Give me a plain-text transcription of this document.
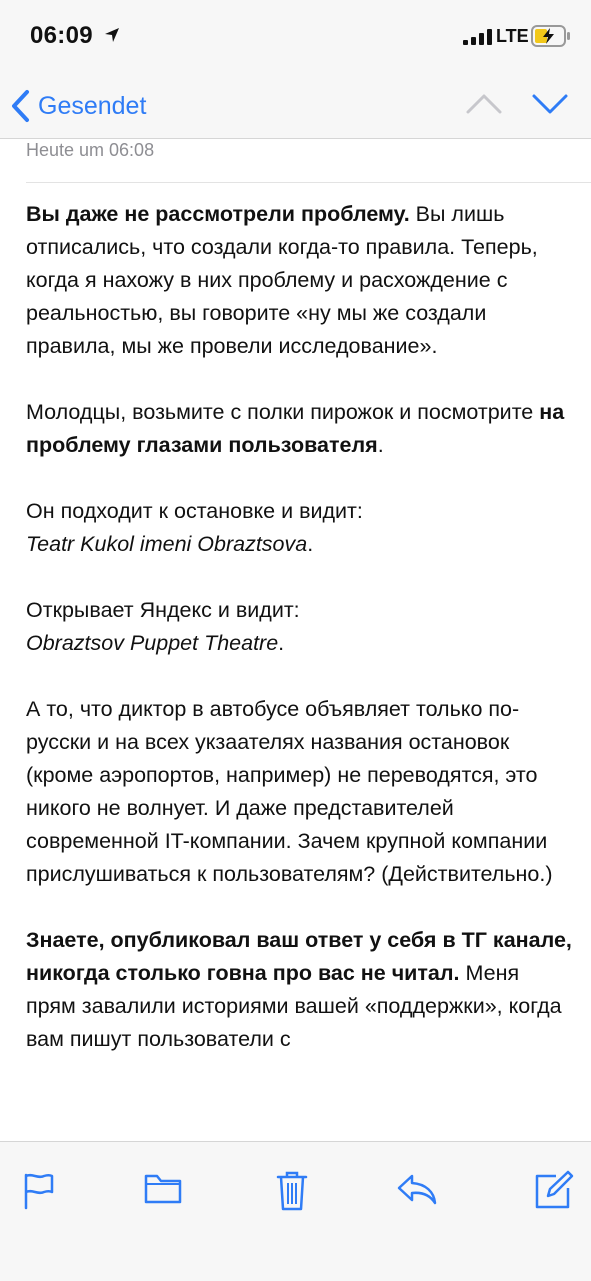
06:09	LTE
Gesendet
Heute um 06:08

Вы даже не рассмотрели проблему. Вы лишь отписались, что создали когда-то правила. Теперь, когда я нахожу в них проблему и расхождение с реальностью, вы говорите «ну мы же создали правила, мы же провели исследование».

Молодцы, возьмите с полки пирожок и посмотрите на проблему глазами пользователя.

Он подходит к остановке и видит:
Teatr Kukol imeni Obraztsova.

Открывает Яндекс и видит:
Obraztsov Puppet Theatre.

А то, что диктор в автобусе объявляет только по-русски и на всех укзаателях названия остановок (кроме аэропортов, например) не переводятся, это никого не волнует. И даже представителей современной IT-компании. Зачем крупной компании прислушиваться к пользователям? (Действительно.)

Знаете, опубликовал ваш ответ у себя в ТГ канале, никогда столько говна про вас не читал. Меня прям завалили историями вашей «поддержки», когда вам пишут пользователи с
